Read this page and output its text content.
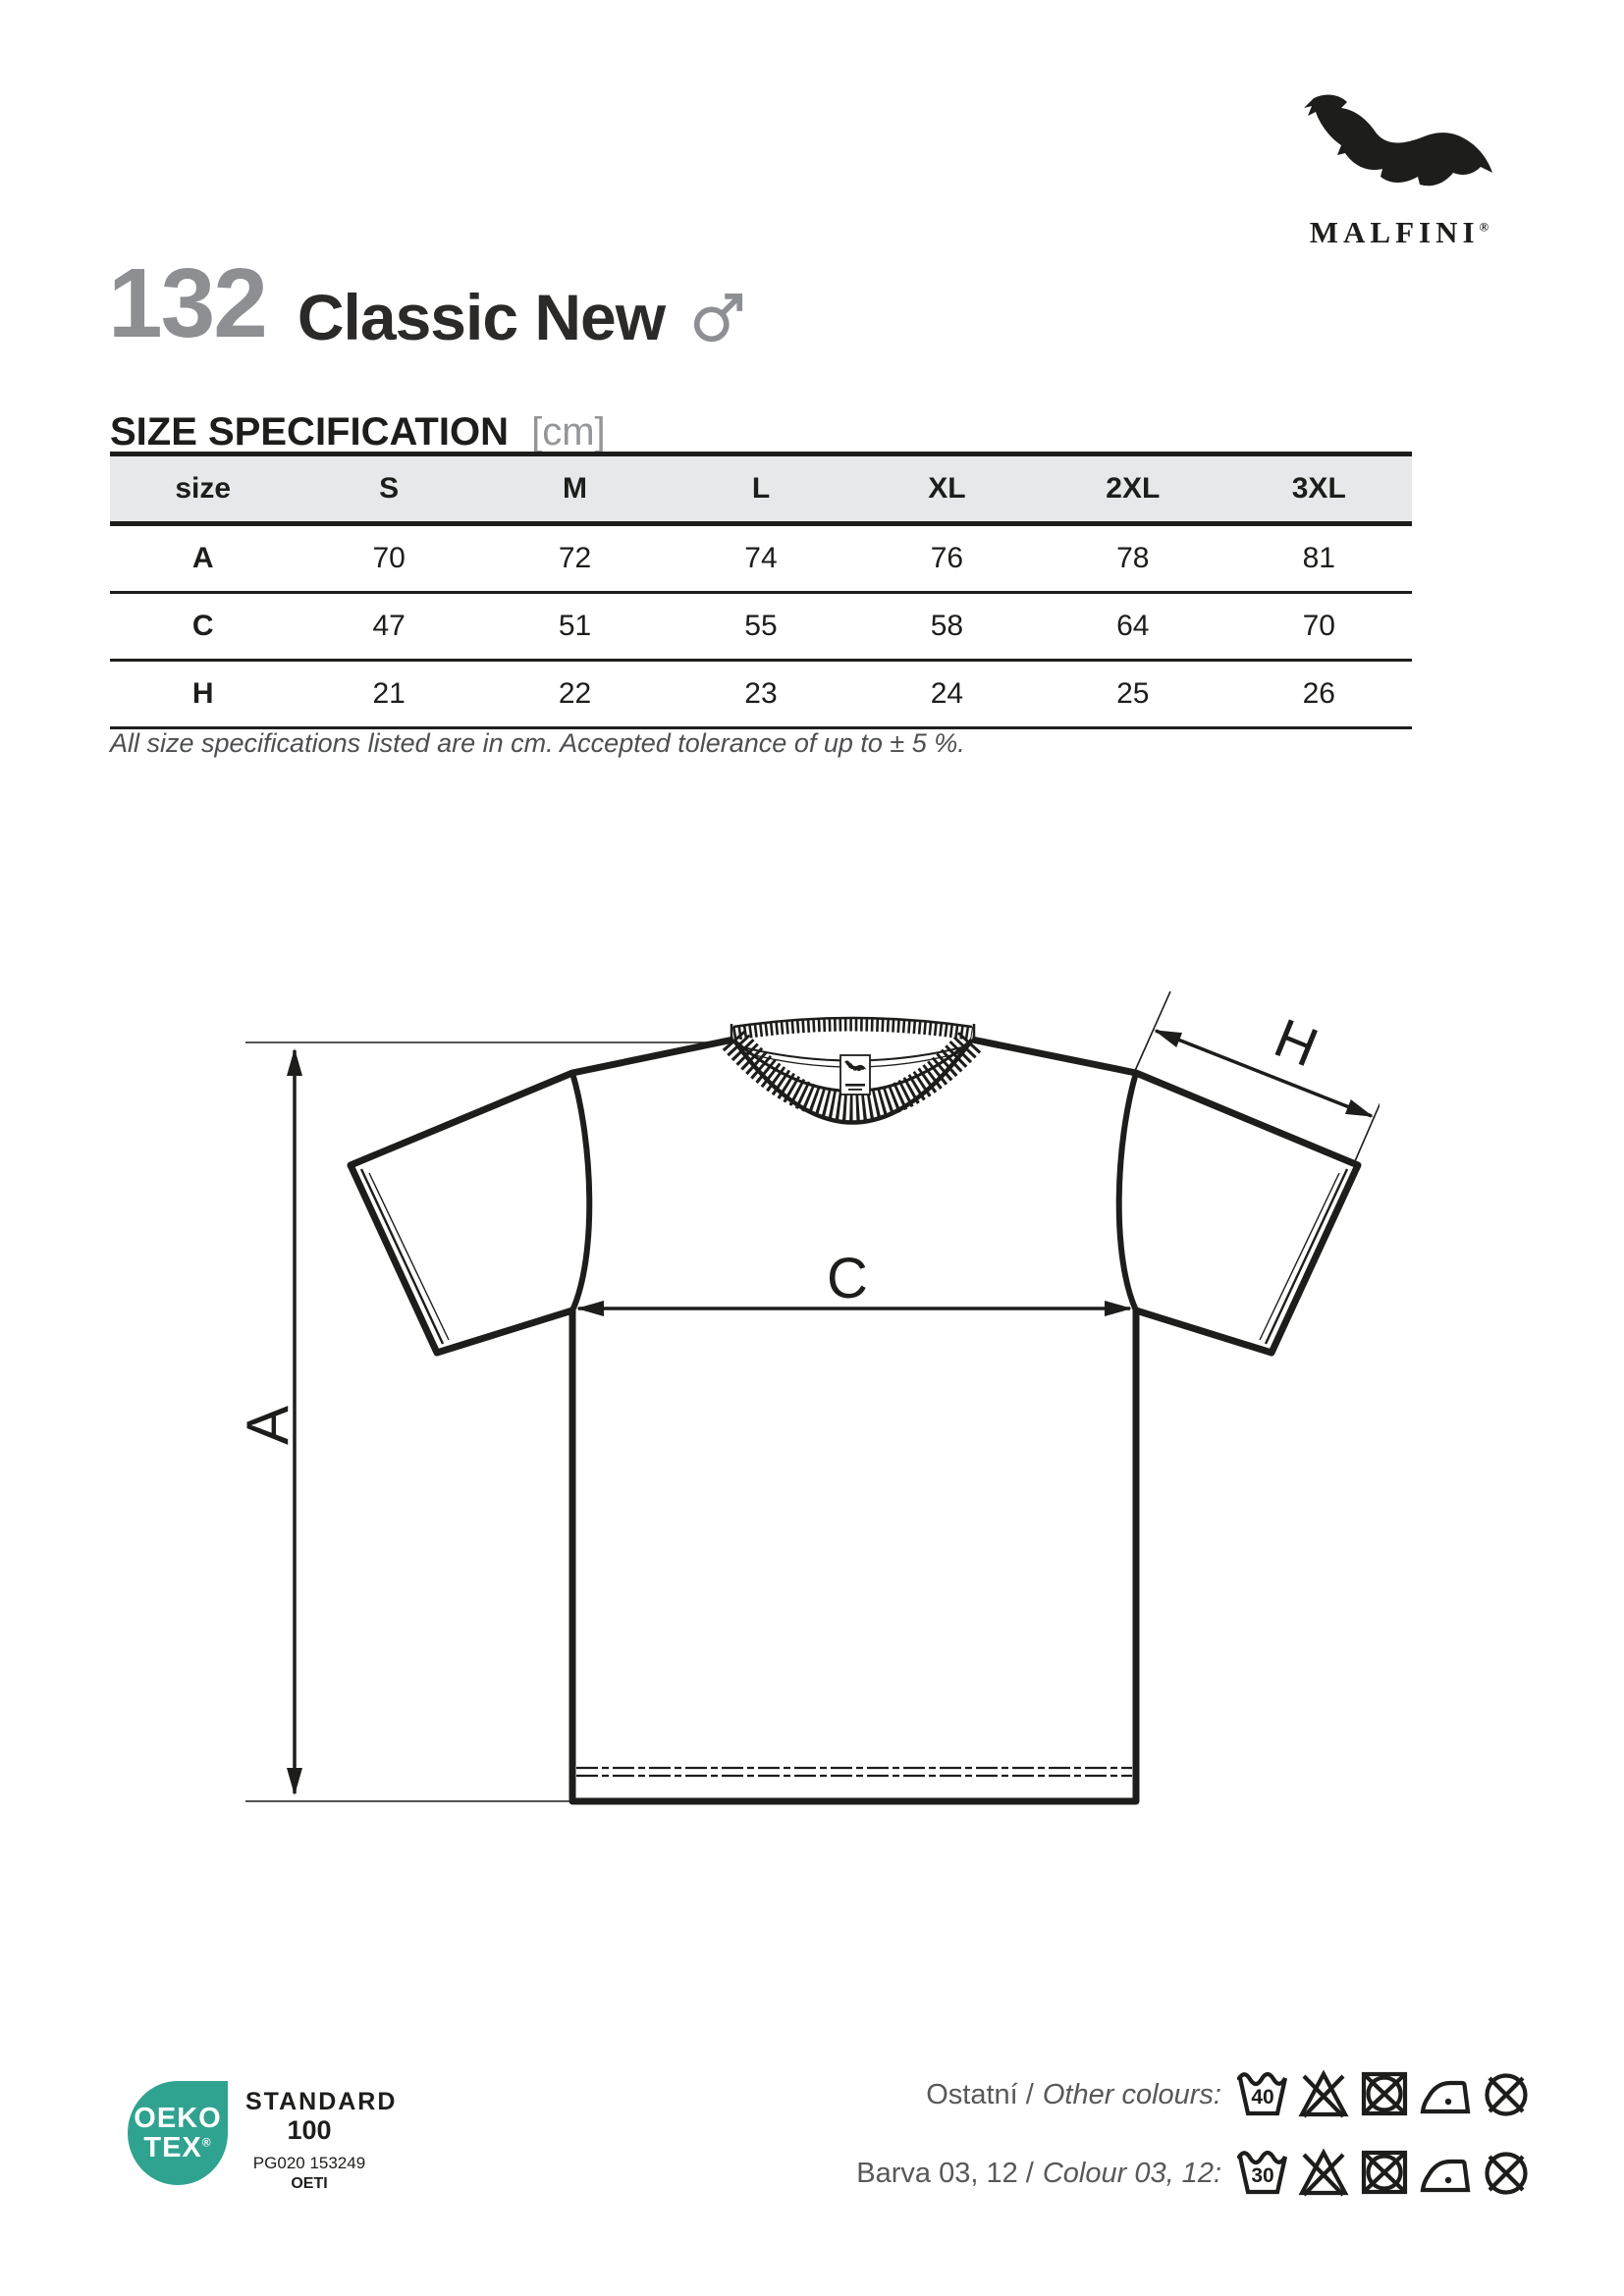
MALFINI®
132 Classic New
SIZE SPECIFICATION [cm]
size	S	M	L	XL	2XL	3XL
A	70	72	74	76	78	81
C	47	51	55	58	64	70
H	21	22	23	24	25	26
All size specifications listed are in cm. Accepted tolerance of up to ± 5 %.
A
C
H
OEKO
TEX®
STANDARD
100
PG020 153249
OETI
Ostatní / Other colours: 40
Barva 03, 12 / Colour 03, 12: 30
